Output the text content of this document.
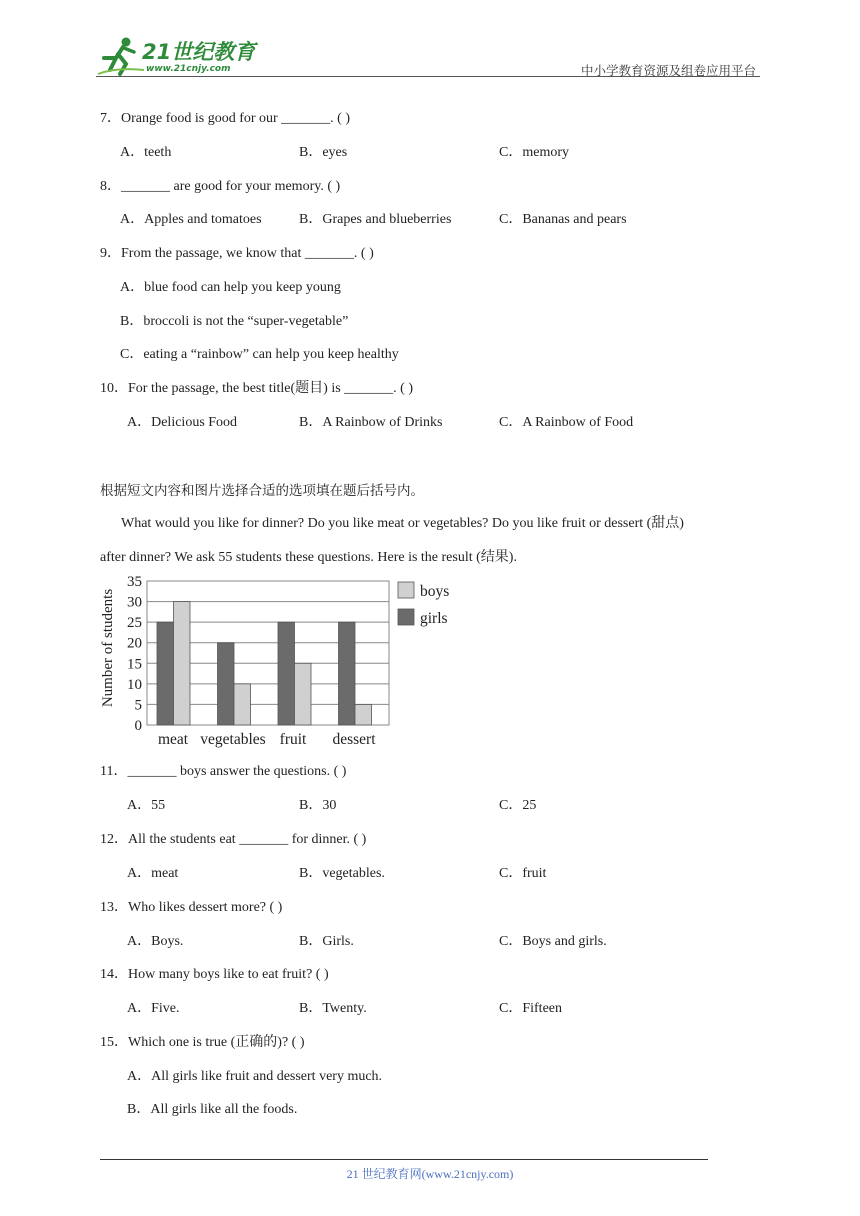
21世纪教育
www.21cnjy.com	中小学教育资源及组卷应用平台
7．Orange food is good for our _______. ( )
A．teeth	B．eyes	C．memory
8．_______ are good for your memory. ( )
A．Apples and tomatoes	B．Grapes and blueberries	C．Bananas and pears
9．From the passage, we know that _______. ( )
A．blue food can help you keep young
B．broccoli is not the “super-vegetable”
C．eating a “rainbow” can help you keep healthy
10．For the passage, the best title(题目) is _______. ( )
A．Delicious Food	B．A Rainbow of Drinks	C．A Rainbow of Food
根据短文内容和图片选择合适的选项填在题后括号内。
What would you like for dinner? Do you like meat or vegetables? Do you like fruit or dessert (甜点)
after dinner? We ask 55 students these questions. Here is the result (结果).
0
5
10
15
20
25
30
35
meat vegetables fruit dessert
Number of students	boys
girls
11．_______ boys answer the questions. ( )
A．55	B．30	C．25
12．All the students eat _______ for dinner. ( )
A．meat	B．vegetables.	C．fruit
13．Who likes dessert more? ( )
A．Boys.	B．Girls.	C．Boys and girls.
14．How many boys like to eat fruit? ( )
A．Five.	B．Twenty.	C．Fifteen
15．Which one is true (正确的)? ( )
A．All girls like fruit and dessert very much.
B．All girls like all the foods.
21 世纪教育网(www.21cnjy.com)
